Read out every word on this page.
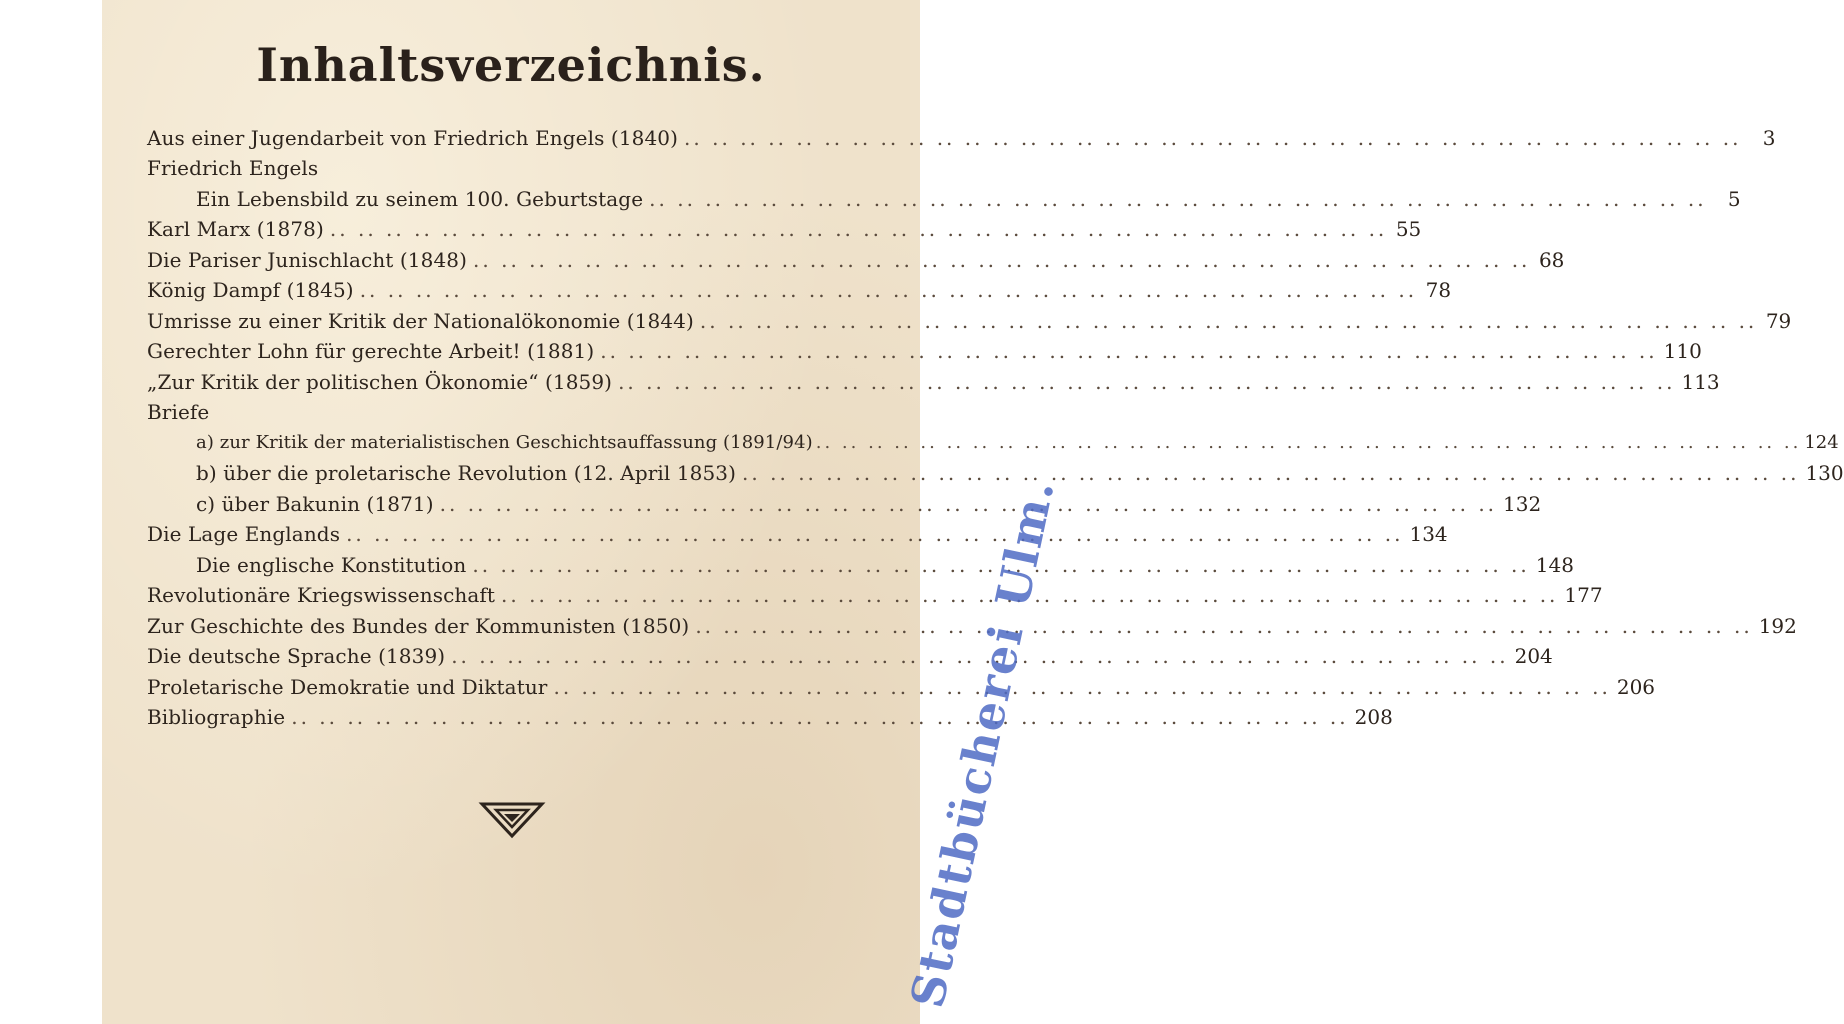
Inhaltsverzeichnis.
Aus einer Jugendarbeit von Friedrich Engels (1840) .. ..	3
Friedrich Engels
Ein Lebensbild zu seinem 100. Geburtstage .. ..	5
Karl Marx (1878) .. ..	55
Die Pariser Junischlacht (1848) .. ..	68
König Dampf (1845) .. ..	78
Umrisse zu einer Kritik der Nationalökonomie (1844) .. ..	79
Gerechter Lohn für gerechte Arbeit! (1881) .. ..	110
„Zur Kritik der politischen Ökonomie“ (1859) .. ..	113
Briefe
a) zur Kritik der materialistischen Geschichtsauffassung (1891/94) .. ..	124
b) über die proletarische Revolution (12. April 1853) .. ..	130
c) über Bakunin (1871) .. ..	132
Die Lage Englands .. ..	134
Die englische Konstitution .. ..	148
Revolutionäre Kriegswissenschaft .. ..	177
Zur Geschichte des Bundes der Kommunisten (1850) .. ..	192
Die deutsche Sprache (1839) .. ..	204
Proletarische Demokratie und Diktatur .. ..	206
Bibliographie .. ..	208
Stadtbücherei Ulm.
